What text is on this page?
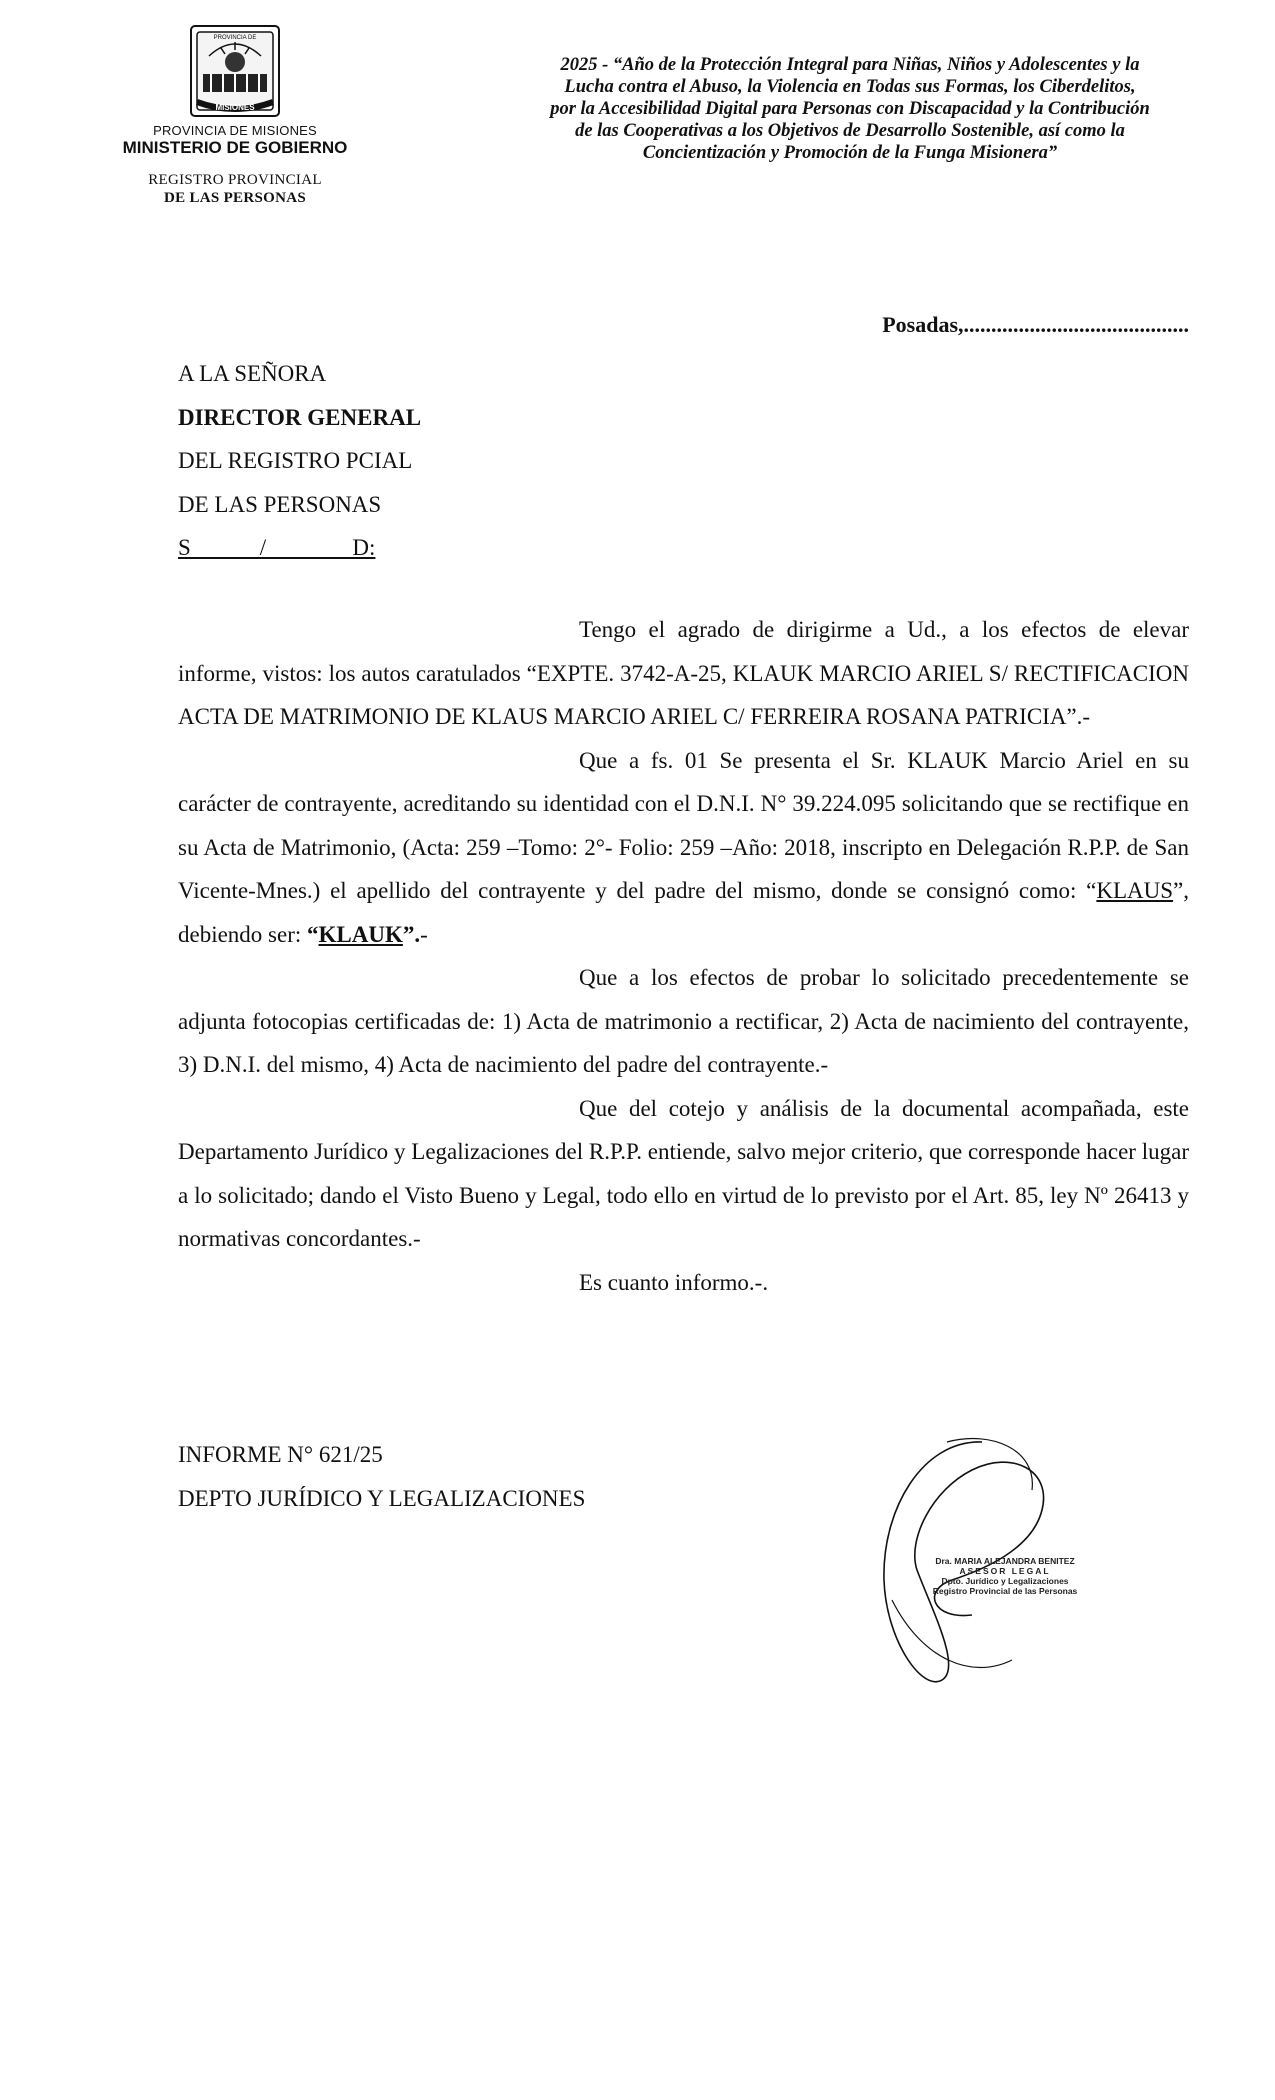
PROVINCIA DE
MISIONES
PROVINCIA DE MISIONES
MINISTERIO DE GOBIERNO
REGISTRO PROVINCIAL
DE LAS PERSONAS
2025 - “Año de la Protección Integral para Niñas, Niños y Adolescentes y la
Lucha contra el Abuso, la Violencia en Todas sus Formas, los Ciberdelitos,
por la Accesibilidad Digital para Personas con Discapacidad y la Contribución
de las Cooperativas a los Objetivos de Desarrollo Sostenible, así como la
Concientización y Promoción de la Funga Misionera”
Posadas,.........................................
A LA SEÑORA
DIRECTOR GENERAL
DEL REGISTRO PCIAL
DE LAS PERSONAS
S            /               D:

Tengo el agrado de dirigirme a Ud., a los efectos de elevar informe, vistos: los autos caratulados “EXPTE. 3742-A-25, KLAUK MARCIO ARIEL S/ RECTIFICACION ACTA DE MATRIMONIO DE KLAUS MARCIO ARIEL C/ FERREIRA ROSANA PATRICIA”.-

Que a fs. 01 Se presenta el Sr. KLAUK Marcio Ariel en su carácter de contrayente, acreditando su identidad con el D.N.I. N° 39.224.095 solicitando que se rectifique en su Acta de Matrimonio, (Acta: 259 –Tomo: 2°- Folio: 259 –Año: 2018, inscripto en Delegación R.P.P. de San Vicente-Mnes.) el apellido del contrayente y del padre del mismo, donde se consignó como: “KLAUS”, debiendo ser: “KLAUK”.-

Que a los efectos de probar lo solicitado precedentemente se adjunta fotocopias certificadas de: 1) Acta de matrimonio a rectificar, 2) Acta de nacimiento del contrayente, 3) D.N.I. del mismo, 4) Acta de nacimiento del padre del contrayente.-

Que del cotejo y análisis de la documental acompañada, este Departamento Jurídico y Legalizaciones del R.P.P. entiende, salvo mejor criterio, que corresponde hacer lugar a lo solicitado; dando el Visto Bueno y Legal, todo ello en virtud de lo previsto por el Art. 85, ley Nº 26413 y normativas concordantes.-

Es cuanto informo.-.

INFORME N° 621/25
DEPTO JURÍDICO Y LEGALIZACIONES
Dra. MARIA ALEJANDRA BENITEZ
ASESOR LEGAL
Dpto. Jurídico y Legalizaciones
Registro Provincial de las Personas
